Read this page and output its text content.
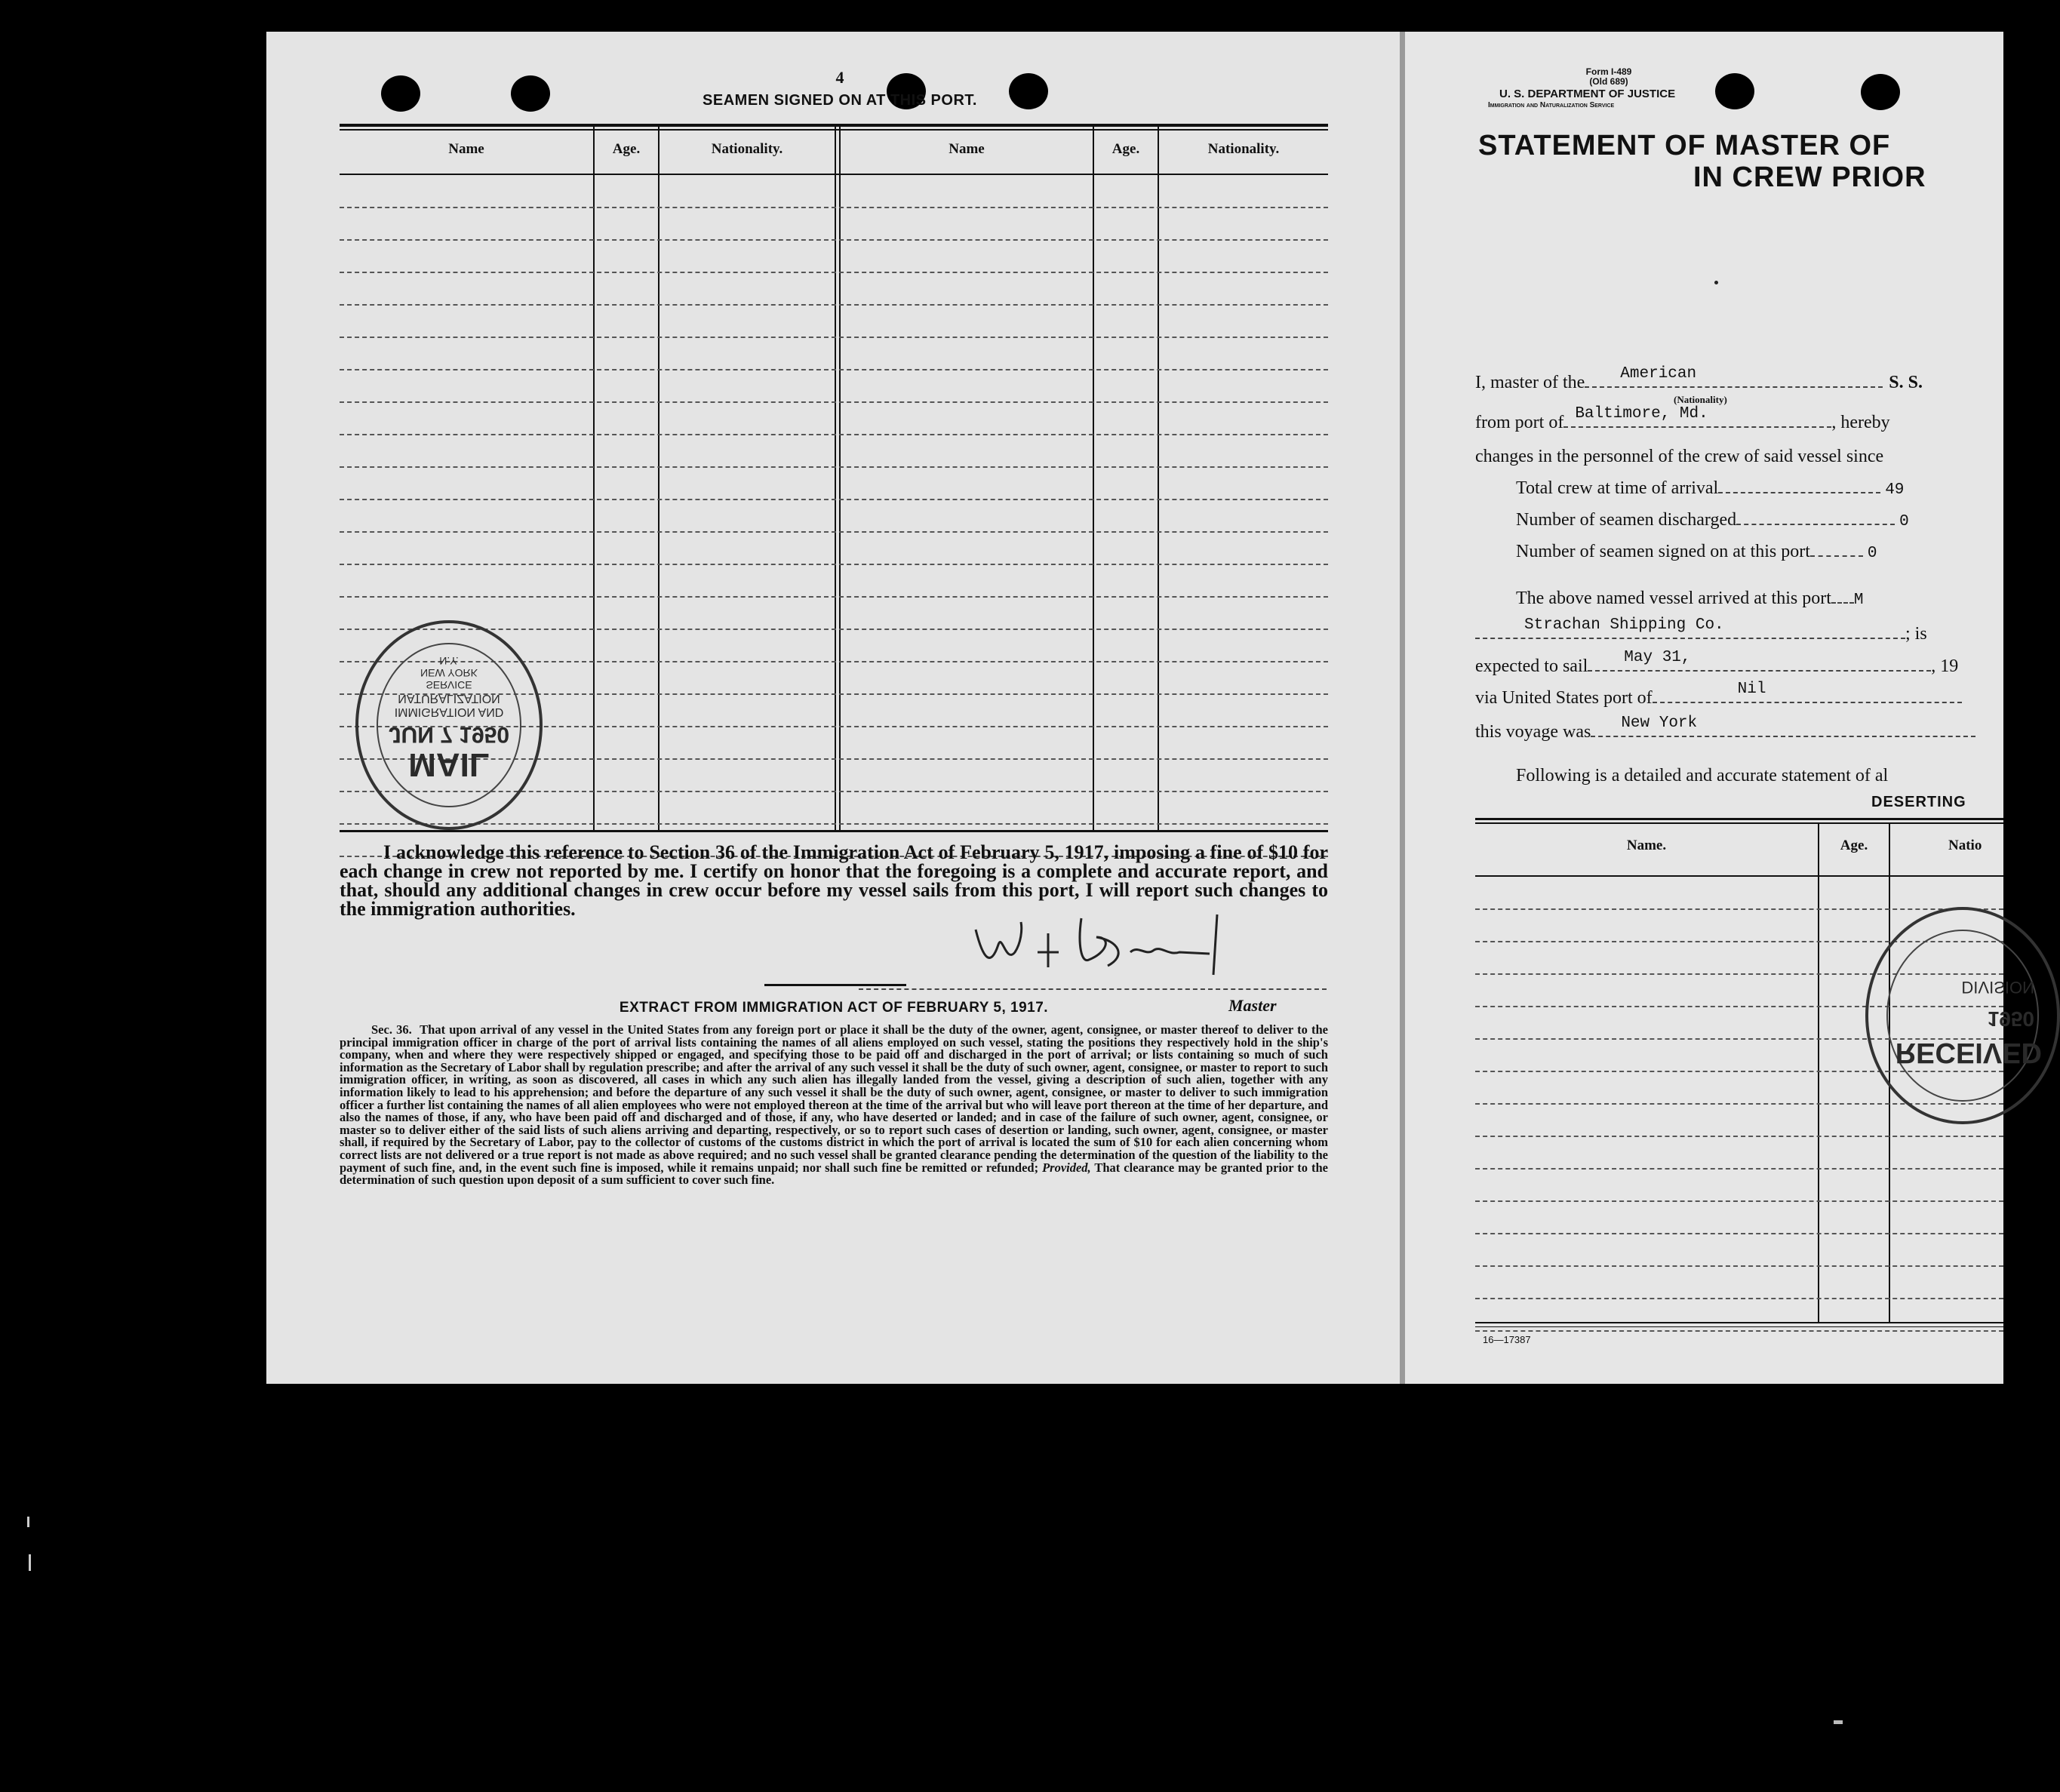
4
SEAMEN SIGNED ON AT THIS PORT.
Name	Age.	Nationality.	Name	Age.	Nationality.
MAIL
JUN 7 1950
IMMIGRATION AND
NATURALIZATION
SERVICE
NEW YORK
N.Y.

I acknowledge this reference to Section 36 of the Immigration Act of February 5, 1917, imposing a fine of $10 for each change in crew not reported by me. I certify on honor that the foregoing is a complete and accurate report, and that, should any additional changes in crew occur before my vessel sails from this port, I will report such changes to the immigration authorities.

Master
EXTRACT FROM IMMIGRATION ACT OF FEBRUARY 5, 1917.

Sec. 36. That upon arrival of any vessel in the United States from any foreign port or place it shall be the duty of the owner, agent, consignee, or master thereof to deliver to the principal immigration officer in charge of the port of arrival lists containing the names of all aliens employed on such vessel, stating the positions they respectively hold in the ship's company, when and where they were respectively shipped or engaged, and specifying those to be paid off and discharged in the port of arrival; or lists containing so much of such information as the Secretary of Labor shall by regulation prescribe; and after the arrival of any such vessel it shall be the duty of such owner, agent, consignee, or master to report to such immigration officer, in writing, as soon as discovered, all cases in which any such alien has illegally landed from the vessel, giving a description of such alien, together with any information likely to lead to his apprehension; and before the departure of any such vessel it shall be the duty of such owner, agent, consignee, or master to deliver to such immigration officer a further list containing the names of all alien employees who were not employed thereon at the time of the arrival but who will leave port thereon at the time of her departure, and also the names of those, if any, who have been paid off and discharged and of those, if any, who have deserted or landed; and in case of the failure of such owner, agent, consignee, or master so to deliver either of the said lists of such aliens arriving and departing, respectively, or so to report such cases of desertion or landing, such owner, agent, consignee, or master shall, if required by the Secretary of Labor, pay to the collector of customs of the customs district in which the port of arrival is located the sum of $10 for each alien concerning whom correct lists are not delivered or a true report is not made as above required; and no such vessel shall be granted clearance pending the determination of the question of the liability to the payment of such fine, and, in the event such fine is imposed, while it remains unpaid; nor shall such fine be remitted or refunded; Provided, That clearance may be granted prior to the determination of such question upon deposit of a sum sufficient to cover such fine.

Form I-489
(Old 689)
U. S. DEPARTMENT OF JUSTICE
Immigration and Naturalization Service
STATEMENT OF MASTER OF
IN CREW PRIOR
I, master of the American	S. S.
(Nationality)
from port of Baltimore, Md.	, hereby
changes in the personnel of the crew of said vessel since
Total crew at time of arrival	49
Number of seamen discharged	0
Number of seamen signed on at this port	0
The above named vessel arrived at this port M
Strachan Shipping Co.	; is
expected to sail May 31,	, 19
via United States port of	Nil
this voyage was New York
Following is a detailed and accurate statement of al
DESERTING
Name.	Age.	Natio
RECEIVED
1950
DIVISION
16—17387
